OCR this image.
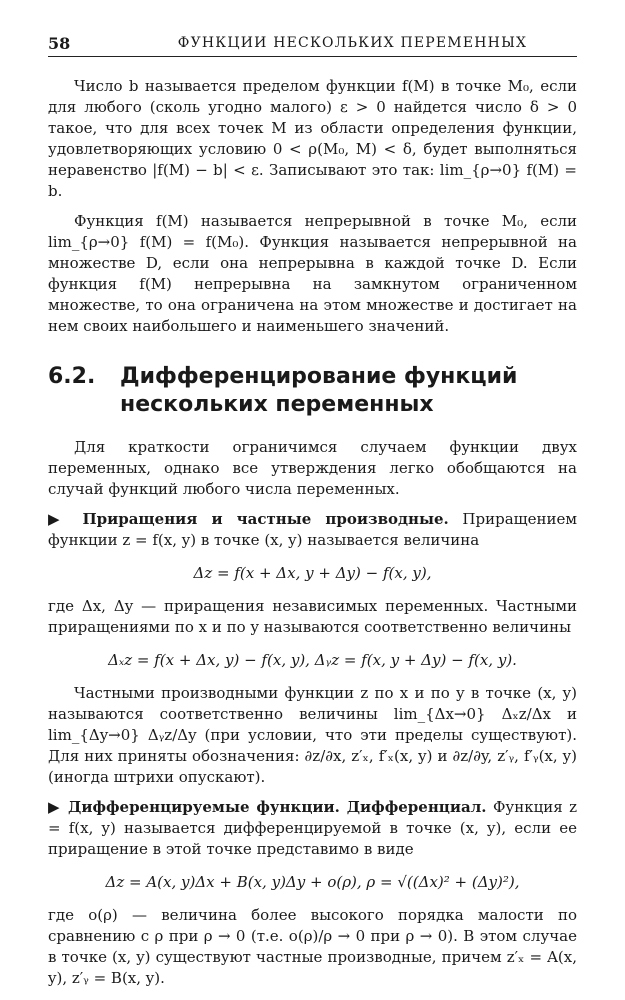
58	ФУНКЦИИ НЕСКОЛЬКИХ ПЕРЕМЕННЫХ

Число b называется пределом функции f(M) в точке M₀, если для любого (сколь угодно малого) ε > 0 найдется число δ > 0 такое, что для всех точек M из области определения функции, удовлетворяющих условию 0 < ρ(M₀, M) < δ, будет выполняться неравенство |f(M) − b| < ε. Записывают это так: lim_{ρ→0} f(M) = b.

Функция f(M) называется непрерывной в точке M₀, если lim_{ρ→0} f(M) = f(M₀). Функция называется непрерывной на множестве D, если она непрерывна в каждой точке D. Если функция f(M) непрерывна на замкнутом ограниченном множестве, то она ограничена на этом множестве и достигает на нем своих наибольшего и наименьшего значений.

6.2. Дифференцирование функций нескольких переменных

Для краткости ограничимся случаем функции двух переменных, однако все утверждения легко обобщаются на случай функций любого числа переменных.

▶ Приращения и частные производные. Приращением функции z = f(x, y) в точке (x, y) называется величина

Δz = f(x + Δx, y + Δy) − f(x, y),

где Δx, Δy — приращения независимых переменных. Частными приращениями по x и по y называются соответственно величины

Δₓz = f(x + Δx, y) − f(x, y), Δᵧz = f(x, y + Δy) − f(x, y).

Частными производными функции z по x и по y в точке (x, y) называются соответственно величины lim_{Δx→0} Δₓz/Δx и lim_{Δy→0} Δᵧz/Δy (при условии, что эти пределы существуют). Для них приняты обозначения: ∂z/∂x, z′ₓ, f′ₓ(x, y) и ∂z/∂y, z′ᵧ, f′ᵧ(x, y) (иногда штрихи опускают).

▶ Дифференцируемые функции. Дифференциал. Функция z = f(x, y) называется дифференцируемой в точке (x, y), если ее приращение в этой точке представимо в виде

Δz = A(x, y)Δx + B(x, y)Δy + o(ρ), ρ = √((Δx)² + (Δy)²),

где o(ρ) — величина более высокого порядка малости по сравнению с ρ при ρ → 0 (т.е. o(ρ)/ρ → 0 при ρ → 0). В этом случае в точке (x, y) существуют частные производные, причем z′ₓ = A(x, y), z′ᵧ = B(x, y).
